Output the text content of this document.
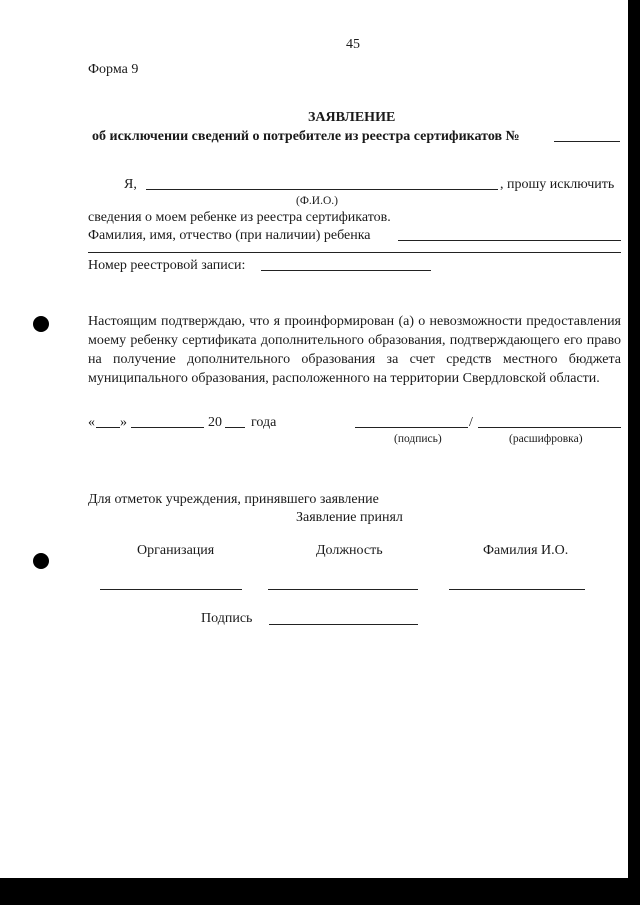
45
Форма 9
ЗАЯВЛЕНИЕ
об исключении сведений о потребителе из реестра сертификатов №
Я,	, прошу исключить
(Ф.И.О.)
сведения о моем ребенке из реестра сертификатов.
Фамилия, имя, отчество (при наличии) ребенка
Номер реестровой записи:
Настоящим подтверждаю, что я проинформирован (а) о невозможности предоставления моему ребенку сертификата дополнительного образования, подтверждающего его право на получение дополнительного образования за счет средств местного бюджета муниципального образования, расположенного на территории Свердловской области.
« »	20 года	/
(подпись)	(расшифровка)
Для отметок учреждения, принявшего заявление
Заявление принял
Организация	Должность	Фамилия И.О.
Подпись
